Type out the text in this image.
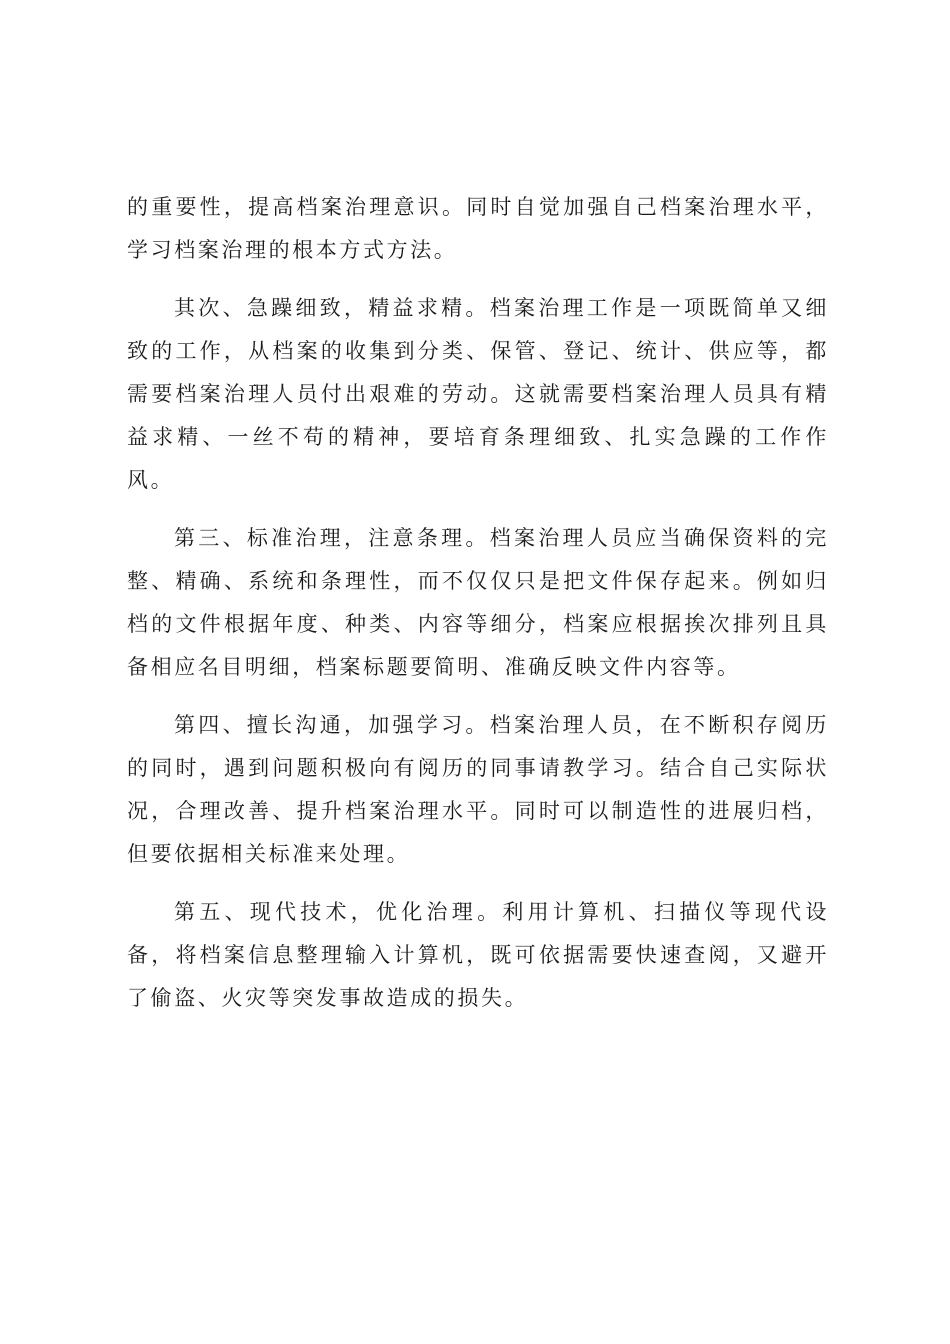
的重要性，提高档案治理意识。同时自觉加强自己档案治理水平，学习档案治理的根本方式方法。

其次、急躁细致，精益求精。档案治理工作是一项既简单又细致的工作，从档案的收集到分类、保管、登记、统计、供应等，都需要档案治理人员付出艰难的劳动。这就需要档案治理人员具有精益求精、一丝不苟的精神，要培育条理细致、扎实急躁的工作作风。

第三、标准治理，注意条理。档案治理人员应当确保资料的完整、精确、系统和条理性，而不仅仅只是把文件保存起来。例如归档的文件根据年度、种类、内容等细分，档案应根据挨次排列且具备相应名目明细，档案标题要简明、准确反映文件内容等。

第四、擅长沟通，加强学习。档案治理人员，在不断积存阅历的同时，遇到问题积极向有阅历的同事请教学习。结合自己实际状况，合理改善、提升档案治理水平。同时可以制造性的进展归档，但要依据相关标准来处理。

第五、现代技术，优化治理。利用计算机、扫描仪等现代设备，将档案信息整理输入计算机，既可依据需要快速查阅，又避开了偷盗、火灾等突发事故造成的损失。
